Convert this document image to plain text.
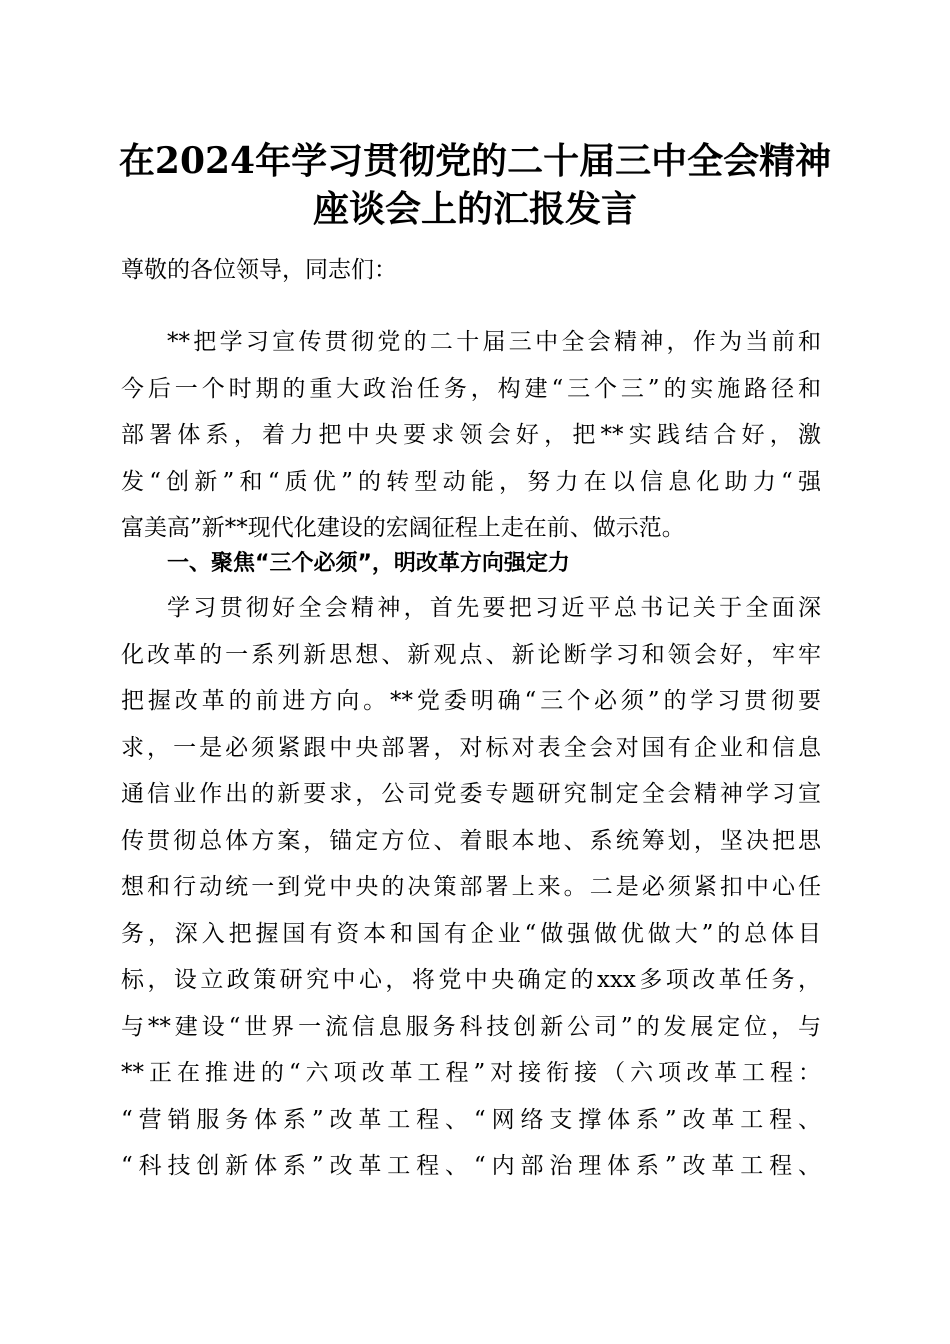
在2024年学习贯彻党的二十届三中全会精神
座谈会上的汇报发言
尊敬的各位领导，同志们：
**把学习宣传贯彻党的二十届三中全会精神，作为当前和
今后一个时期的重大政治任务，构建“三个三”的实施路径和
部署体系，着力把中央要求领会好，把**实践结合好，激
发“创新”和“质优”的转型动能，努力在以信息化助力“强
富美高”新**现代化建设的宏阔征程上走在前、做示范。
一、聚焦“三个必须”，明改革方向强定力
学习贯彻好全会精神，首先要把习近平总书记关于全面深
化改革的一系列新思想、新观点、新论断学习和领会好，牢牢
把握改革的前进方向。**党委明确“三个必须”的学习贯彻要
求，一是必须紧跟中央部署，对标对表全会对国有企业和信息
通信业作出的新要求，公司党委专题研究制定全会精神学习宣
传贯彻总体方案，锚定方位、着眼本地、系统筹划，坚决把思
想和行动统一到党中央的决策部署上来。二是必须紧扣中心任
务，深入把握国有资本和国有企业“做强做优做大”的总体目
标，设立政策研究中心，将党中央确定的xxx多项改革任务，
与**建设“世界一流信息服务科技创新公司”的发展定位，与
**正在推进的“六项改革工程”对接衔接（六项改革工程：
“营销服务体系”改革工程、“网络支撑体系”改革工程、
“科技创新体系”改革工程、“内部治理体系”改革工程、
